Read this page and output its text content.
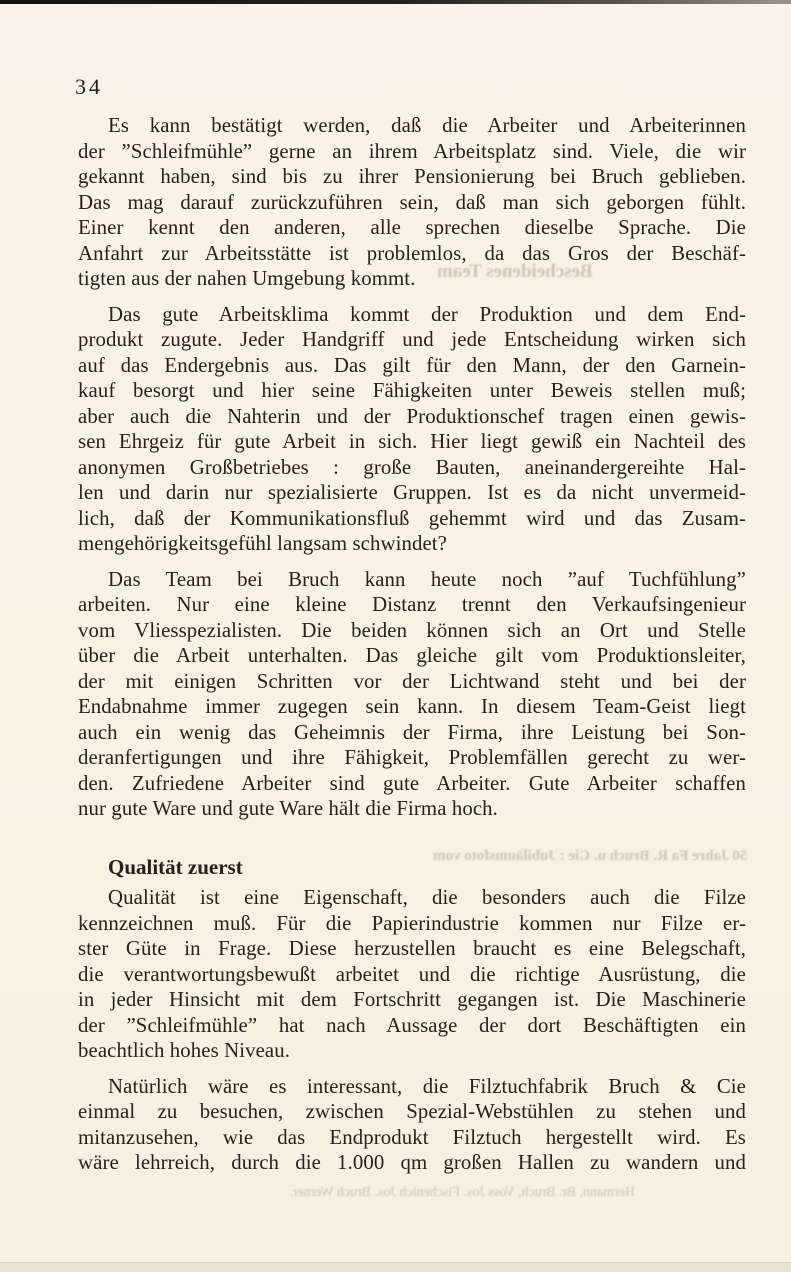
34

Es kann bestätigt werden, daß die Arbeiter und Arbeiterinnen
der ”Schleifmühle” gerne an ihrem Arbeitsplatz sind. Viele, die wir
gekannt haben, sind bis zu ihrer Pensionierung bei Bruch geblieben.
Das mag darauf zurückzuführen sein, daß man sich geborgen fühlt.
Einer kennt den anderen, alle sprechen dieselbe Sprache. Die
Anfahrt zur Arbeitsstätte ist problemlos, da das Gros der Beschäf-
tigten aus der nahen Umgebung kommt.

Das gute Arbeitsklima kommt der Produktion und dem End-
produkt zugute. Jeder Handgriff und jede Entscheidung wirken sich
auf das Endergebnis aus. Das gilt für den Mann, der den Garnein-
kauf besorgt und hier seine Fähigkeiten unter Beweis stellen muß;
aber auch die Nahterin und der Produktionschef tragen einen gewis-
sen Ehrgeiz für gute Arbeit in sich. Hier liegt gewiß ein Nachteil des
anonymen Großbetriebes : große Bauten, aneinandergereihte Hal-
len und darin nur spezialisierte Gruppen. Ist es da nicht unvermeid-
lich, daß der Kommunikationsfluß gehemmt wird und das Zusam-
mengehörigkeitsgefühl langsam schwindet?

Das Team bei Bruch kann heute noch ”auf Tuchfühlung”
arbeiten. Nur eine kleine Distanz trennt den Verkaufsingenieur
vom Vliesspezialisten. Die beiden können sich an Ort und Stelle
über die Arbeit unterhalten. Das gleiche gilt vom Produktionsleiter,
der mit einigen Schritten vor der Lichtwand steht und bei der
Endabnahme immer zugegen sein kann. In diesem Team-Geist liegt
auch ein wenig das Geheimnis der Firma, ihre Leistung bei Son-
deranfertigungen und ihre Fähigkeit, Problemfällen gerecht zu wer-
den. Zufriedene Arbeiter sind gute Arbeiter. Gute Arbeiter schaffen
nur gute Ware und gute Ware hält die Firma hoch.

Qualität zuerst

Qualität ist eine Eigenschaft, die besonders auch die Filze
kennzeichnen muß. Für die Papierindustrie kommen nur Filze er-
ster Güte in Frage. Diese herzustellen braucht es eine Belegschaft,
die verantwortungsbewußt arbeitet und die richtige Ausrüstung, die
in jeder Hinsicht mit dem Fortschritt gegangen ist. Die Maschinerie
der ”Schleifmühle” hat nach Aussage der dort Beschäftigten ein
beachtlich hohes Niveau.

Natürlich wäre es interessant, die Filztuchfabrik Bruch & Cie
einmal zu besuchen, zwischen Spezial-Webstühlen zu stehen und
mitanzusehen, wie das Endprodukt Filztuch hergestellt wird. Es
wäre lehrreich, durch die 1.000 qm großen Hallen zu wandern und

Bescheidenes Team
50 Jahre Fa R. Bruch u. Cie : Jubiläumsfoto vom
Hermann, Br. Bruch, Voss Jos. Fischenich Jos. Bruch Werner.
